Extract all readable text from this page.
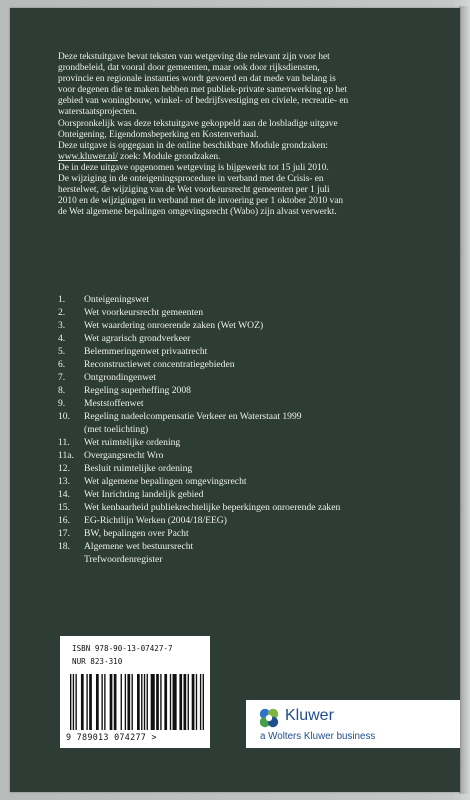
Deze tekstuitgave bevat teksten van wetgeving die relevant zijn voor het

grondbeleid, dat vooral door gemeenten, maar ook door rijksdiensten,

provincie en regionale instanties wordt gevoerd en dat mede van belang is

voor degenen die te maken hebben met publiek-private samenwerking op het

gebied van woningbouw, winkel- of bedrijfsvestiging en civiele, recreatie- en

waterstaatsprojecten.

Oorspronkelijk was deze tekstuitgave gekoppeld aan de losbladige uitgave

Onteigening, Eigendomsbeperking en Kostenverhaal.

Deze uitgave is opgegaan in de online beschikbare Module grondzaken:

www.kluwer.nl/ zoek: Module grondzaken.

De in deze uitgave opgenomen wetgeving is bijgewerkt tot 15 juli 2010.

De wijziging in de onteigeningsprocedure in verband met de Crisis- en

herstelwet, de wijziging van de Wet voorkeursrecht gemeenten per 1 juli

2010 en de wijzigingen in verband met de invoering per 1 oktober 2010 van

de Wet algemene bepalingen omgevingsrecht (Wabo) zijn alvast verwerkt.

1.	Onteigeningswet
2.	Wet voorkeursrecht gemeenten
3.	Wet waardering onroerende zaken (Wet WOZ)
4.	Wet agrarisch grondverkeer
5.	Belemmeringenwet privaatrecht
6.	Reconstructiewet concentratiegebieden
7.	Ontgrondingenwet
8.	Regeling superheffing 2008
9.	Meststoffenwet
10.	Regeling nadeelcompensatie Verkeer en Waterstaat 1999
(met toelichting)
11.	Wet ruimtelijke ordening
11a.	Overgangsrecht Wro
12.	Besluit ruimtelijke ordening
13.	Wet algemene bepalingen omgevingsrecht
14.	Wet Inrichting landelijk gebied
15.	Wet kenbaarheid publiekrechtelijke beperkingen onroerende zaken
16.	EG-Richtlijn Werken (2004/18/EEG)
17.	BW, bepalingen over Pacht
18.	Algemene wet bestuursrecht
Trefwoordenregister
ISBN 978-90-13-07427-7
NUR 823-310
9 789013 074277 >
Kluwer
a Wolters Kluwer business
